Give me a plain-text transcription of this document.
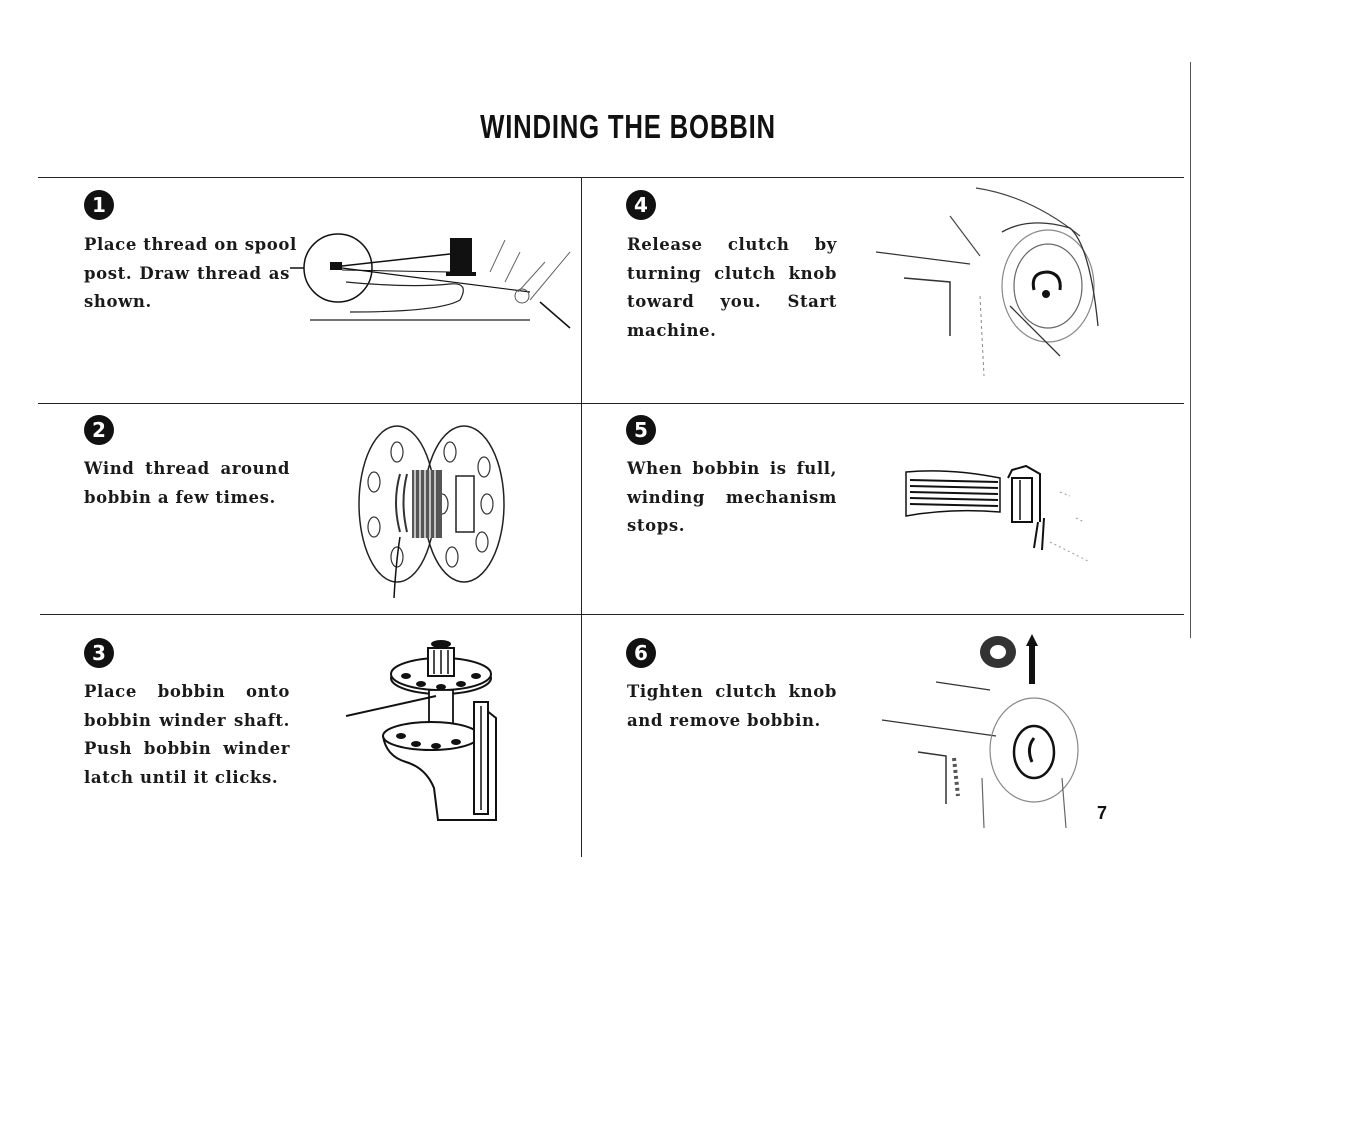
WINDING THE BOBBIN
1
Place thread on spool
post. Draw thread as
shown.
2
Wind thread around
bobbin a few times.
3
Place bobbin onto
bobbin winder shaft.
Push bobbin winder
latch until it clicks.
4
Release clutch by
turning clutch knob
toward you. Start
machine.
5
When bobbin is full,
winding mechanism
stops.
6
Tighten clutch knob
and remove bobbin.
7
